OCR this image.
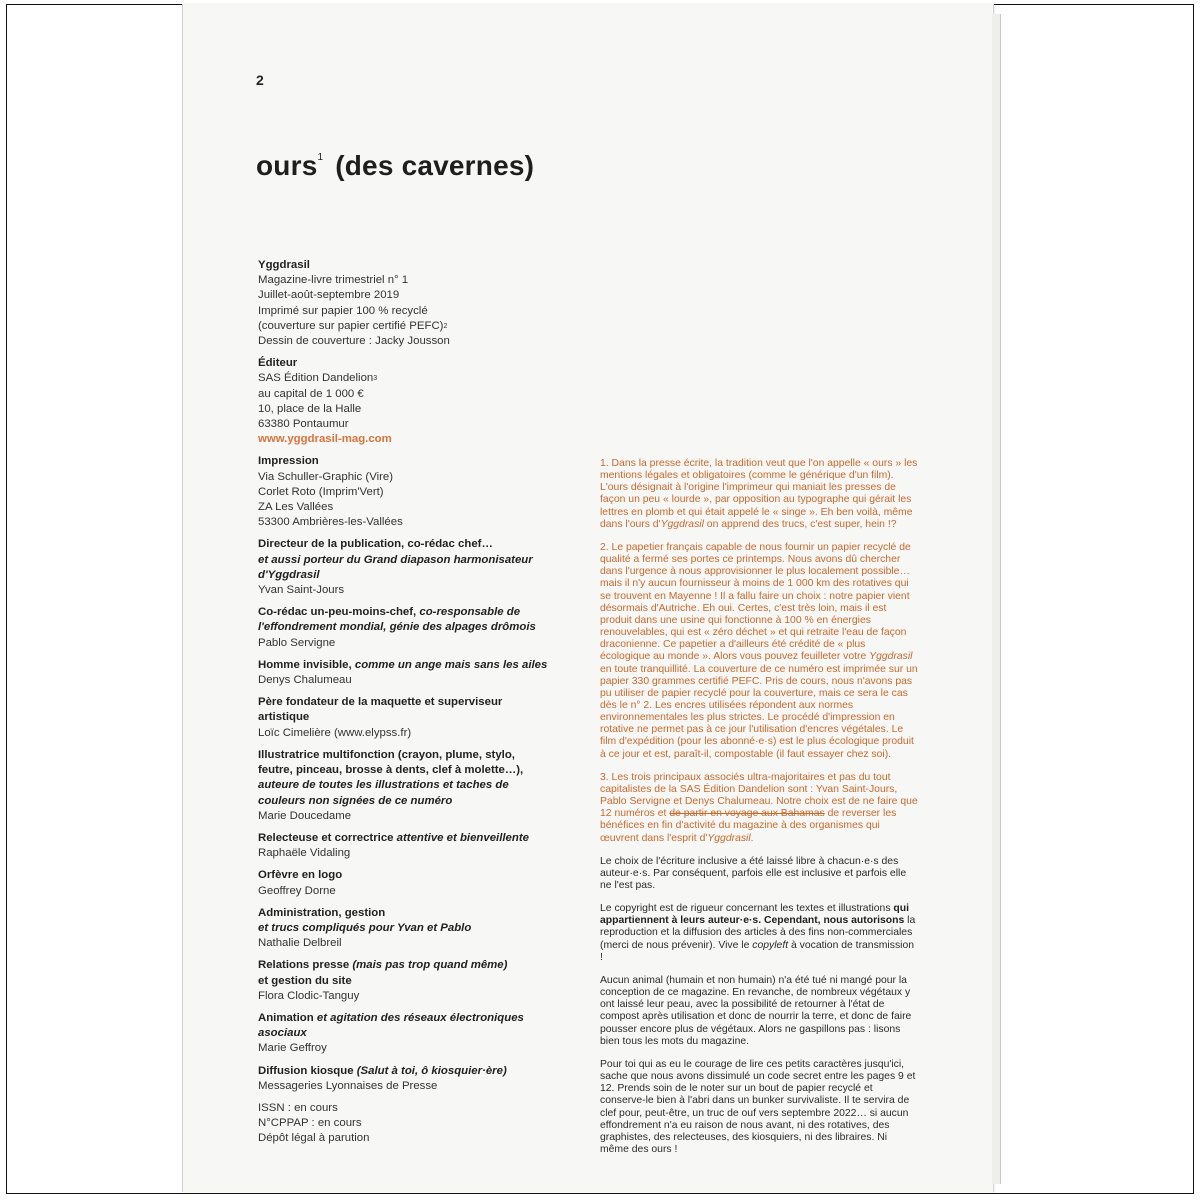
2
ours$^1$ (des cavernes)
Yggdrasil
Magazine-livre trimestriel n° 1
Juillet-août-septembre 2019
Imprimé sur papier 100 % recyclé
(couverture sur papier certifié PEFC)$^2$
Dessin de couverture : Jacky Jousson
Éditeur
SAS Édition Dandelion$^3$
au capital de 1 000 €
10, place de la Halle
63380 Pontaumur
www.yggdrasil-mag.com
Impression
Via Schuller-Graphic (Vire)
Corlet Roto (Imprim'Vert)
ZA Les Vallées
53300 Ambrières-les-Vallées
Directeur de la publication, co-rédac chef…
et aussi porteur du Grand diapason harmonisateur d'Yggdrasil
Yvan Saint-Jours
Co-rédac un-peu-moins-chef, co-responsable de l'effondrement mondial, génie des alpages drômois
Pablo Servigne
Homme invisible, comme un ange mais sans les ailes
Denys Chalumeau
Père fondateur de la maquette et superviseur artistique
Loïc Cimelière (www.elypss.fr)
Illustratrice multifonction (crayon, plume, stylo, feutre, pinceau, brosse à dents, clef à molette…), auteure de toutes les illustrations et taches de couleurs non signées de ce numéro
Marie Doucedame
Relecteuse et correctrice attentive et bienveillente
Raphaële Vidaling
Orfèvre en logo
Geoffrey Dorne
Administration, gestion
et trucs compliqués pour Yvan et Pablo
Nathalie Delbreil
Relations presse (mais pas trop quand même)
et gestion du site
Flora Clodic-Tanguy
Animation et agitation des réseaux électroniques asociaux
Marie Geffroy
Diffusion kiosque (Salut à toi, ô kiosquier·ère)
Messageries Lyonnaises de Presse
ISSN : en cours
N°CPPAP : en cours
Dépôt légal à parution
1. Dans la presse écrite, la tradition veut que l'on appelle « ours » les mentions légales et obligatoires (comme le générique d'un film). L'ours désignait à l'origine l'imprimeur qui maniait les presses de façon un peu « lourde », par opposition au typographe qui gérait les lettres en plomb et qui était appelé le « singe ». Eh ben voilà, même dans l'ours d'Yggdrasil on apprend des trucs, c'est super, hein !?
2. Le papetier français capable de nous fournir un papier recyclé de qualité a fermé ses portes ce printemps. Nous avons dû chercher dans l'urgence à nous approvisionner le plus localement possible… mais il n'y aucun fournisseur à moins de 1 000 km des rotatives qui se trouvent en Mayenne ! Il a fallu faire un choix : notre papier vient désormais d'Autriche. Eh oui. Certes, c'est très loin, mais il est produit dans une usine qui fonctionne à 100 % en énergies renouvelables, qui est « zéro déchet » et qui retraite l'eau de façon draconienne. Ce papetier a d'ailleurs été crédité de « plus écologique au monde ». Alors vous pouvez feuilleter votre Yggdrasil en toute tranquillité. La couverture de ce numéro est imprimée sur un papier 330 grammes certifié PEFC. Pris de cours, nous n'avons pas pu utiliser de papier recyclé pour la couverture, mais ce sera le cas dès le n° 2. Les encres utilisées répondent aux normes environnementales les plus strictes. Le procédé d'impression en rotative ne permet pas à ce jour l'utilisation d'encres végétales. Le film d'expédition (pour les abonné·e·s) est le plus écologique produit à ce jour et est, paraît-il, compostable (il faut essayer chez soi).
3. Les trois principaux associés ultra-majoritaires et pas du tout capitalistes de la SAS Édition Dandelion sont : Yvan Saint-Jours, Pablo Servigne et Denys Chalumeau. Notre choix est de ne faire que 12 numéros et de partir en voyage aux Bahamas de reverser les bénéfices en fin d'activité du magazine à des organismes qui œuvrent dans l'esprit d'Yggdrasil.
Le choix de l'écriture inclusive a été laissé libre à chacun·e·s des auteur·e·s. Par conséquent, parfois elle est inclusive et parfois elle ne l'est pas.
Le copyright est de rigueur concernant les textes et illustrations qui appartiennent à leurs auteur·e·s. Cependant, nous autorisons la reproduction et la diffusion des articles à des fins non-commerciales (merci de nous prévenir). Vive le copyleft à vocation de transmission !
Aucun animal (humain et non humain) n'a été tué ni mangé pour la conception de ce magazine. En revanche, de nombreux végétaux y ont laissé leur peau, avec la possibilité de retourner à l'état de compost après utilisation et donc de nourrir la terre, et donc de faire pousser encore plus de végétaux. Alors ne gaspillons pas : lisons bien tous les mots du magazine.
Pour toi qui as eu le courage de lire ces petits caractères jusqu'ici, sache que nous avons dissimulé un code secret entre les pages 9 et 12. Prends soin de le noter sur un bout de papier recyclé et conserve-le bien à l'abri dans un bunker survivaliste. Il te servira de clef pour, peut-être, un truc de ouf vers septembre 2022… si aucun effondrement n'a eu raison de nous avant, ni des rotatives, des graphistes, des relecteuses, des kiosquiers, ni des libraires. Ni même des ours !
